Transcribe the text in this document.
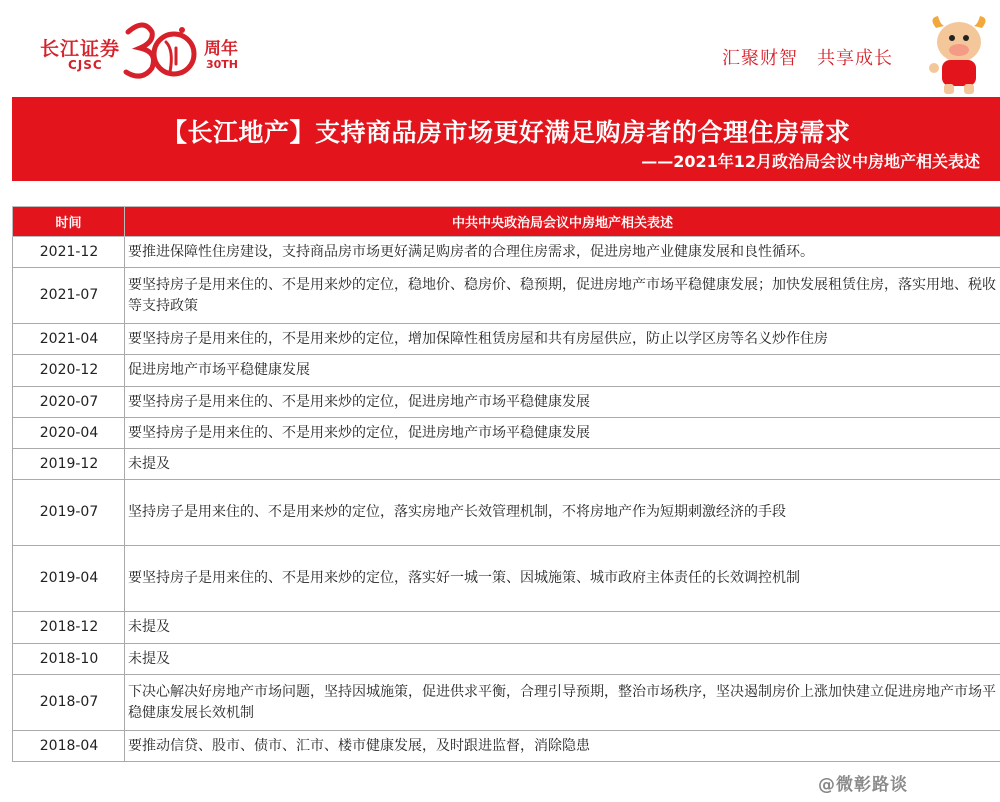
长江证券
CJSC
周年
30TH	汇聚财智　共享成长
【长江地产】支持商品房市场更好满足购房者的合理住房需求
——2021年12月政治局会议中房地产相关表述
时间	中共中央政治局会议中房地产相关表述
2021-12	要推进保障性住房建设，支持商品房市场更好满足购房者的合理住房需求，促进房地产业健康发展和良性循环。
2021-07	要坚持房子是用来住的、不是用来炒的定位，稳地价、稳房价、稳预期，促进房地产市场平稳健康发展；加快发展租赁住房，落实用地、税收等支持政策
2021-04	要坚持房子是用来住的，不是用来炒的定位，增加保障性租赁房屋和共有房屋供应，防止以学区房等名义炒作住房
2020-12	促进房地产市场平稳健康发展
2020-07	要坚持房子是用来住的、不是用来炒的定位，促进房地产市场平稳健康发展
2020-04	要坚持房子是用来住的、不是用来炒的定位，促进房地产市场平稳健康发展
2019-12	未提及
2019-07	坚持房子是用来住的、不是用来炒的定位，落实房地产长效管理机制，不将房地产作为短期刺激经济的手段
2019-04	要坚持房子是用来住的、不是用来炒的定位，落实好一城一策、因城施策、城市政府主体责任的长效调控机制
2018-12	未提及
2018-10	未提及
2018-07	下决心解决好房地产市场问题，坚持因城施策，促进供求平衡，合理引导预期，整治市场秩序，坚决遏制房价上涨加快建立促进房地产市场平稳健康发展长效机制
2018-04	要推动信贷、股市、债市、汇市、楼市健康发展，及时跟进监督，消除隐患
@微彰路谈
